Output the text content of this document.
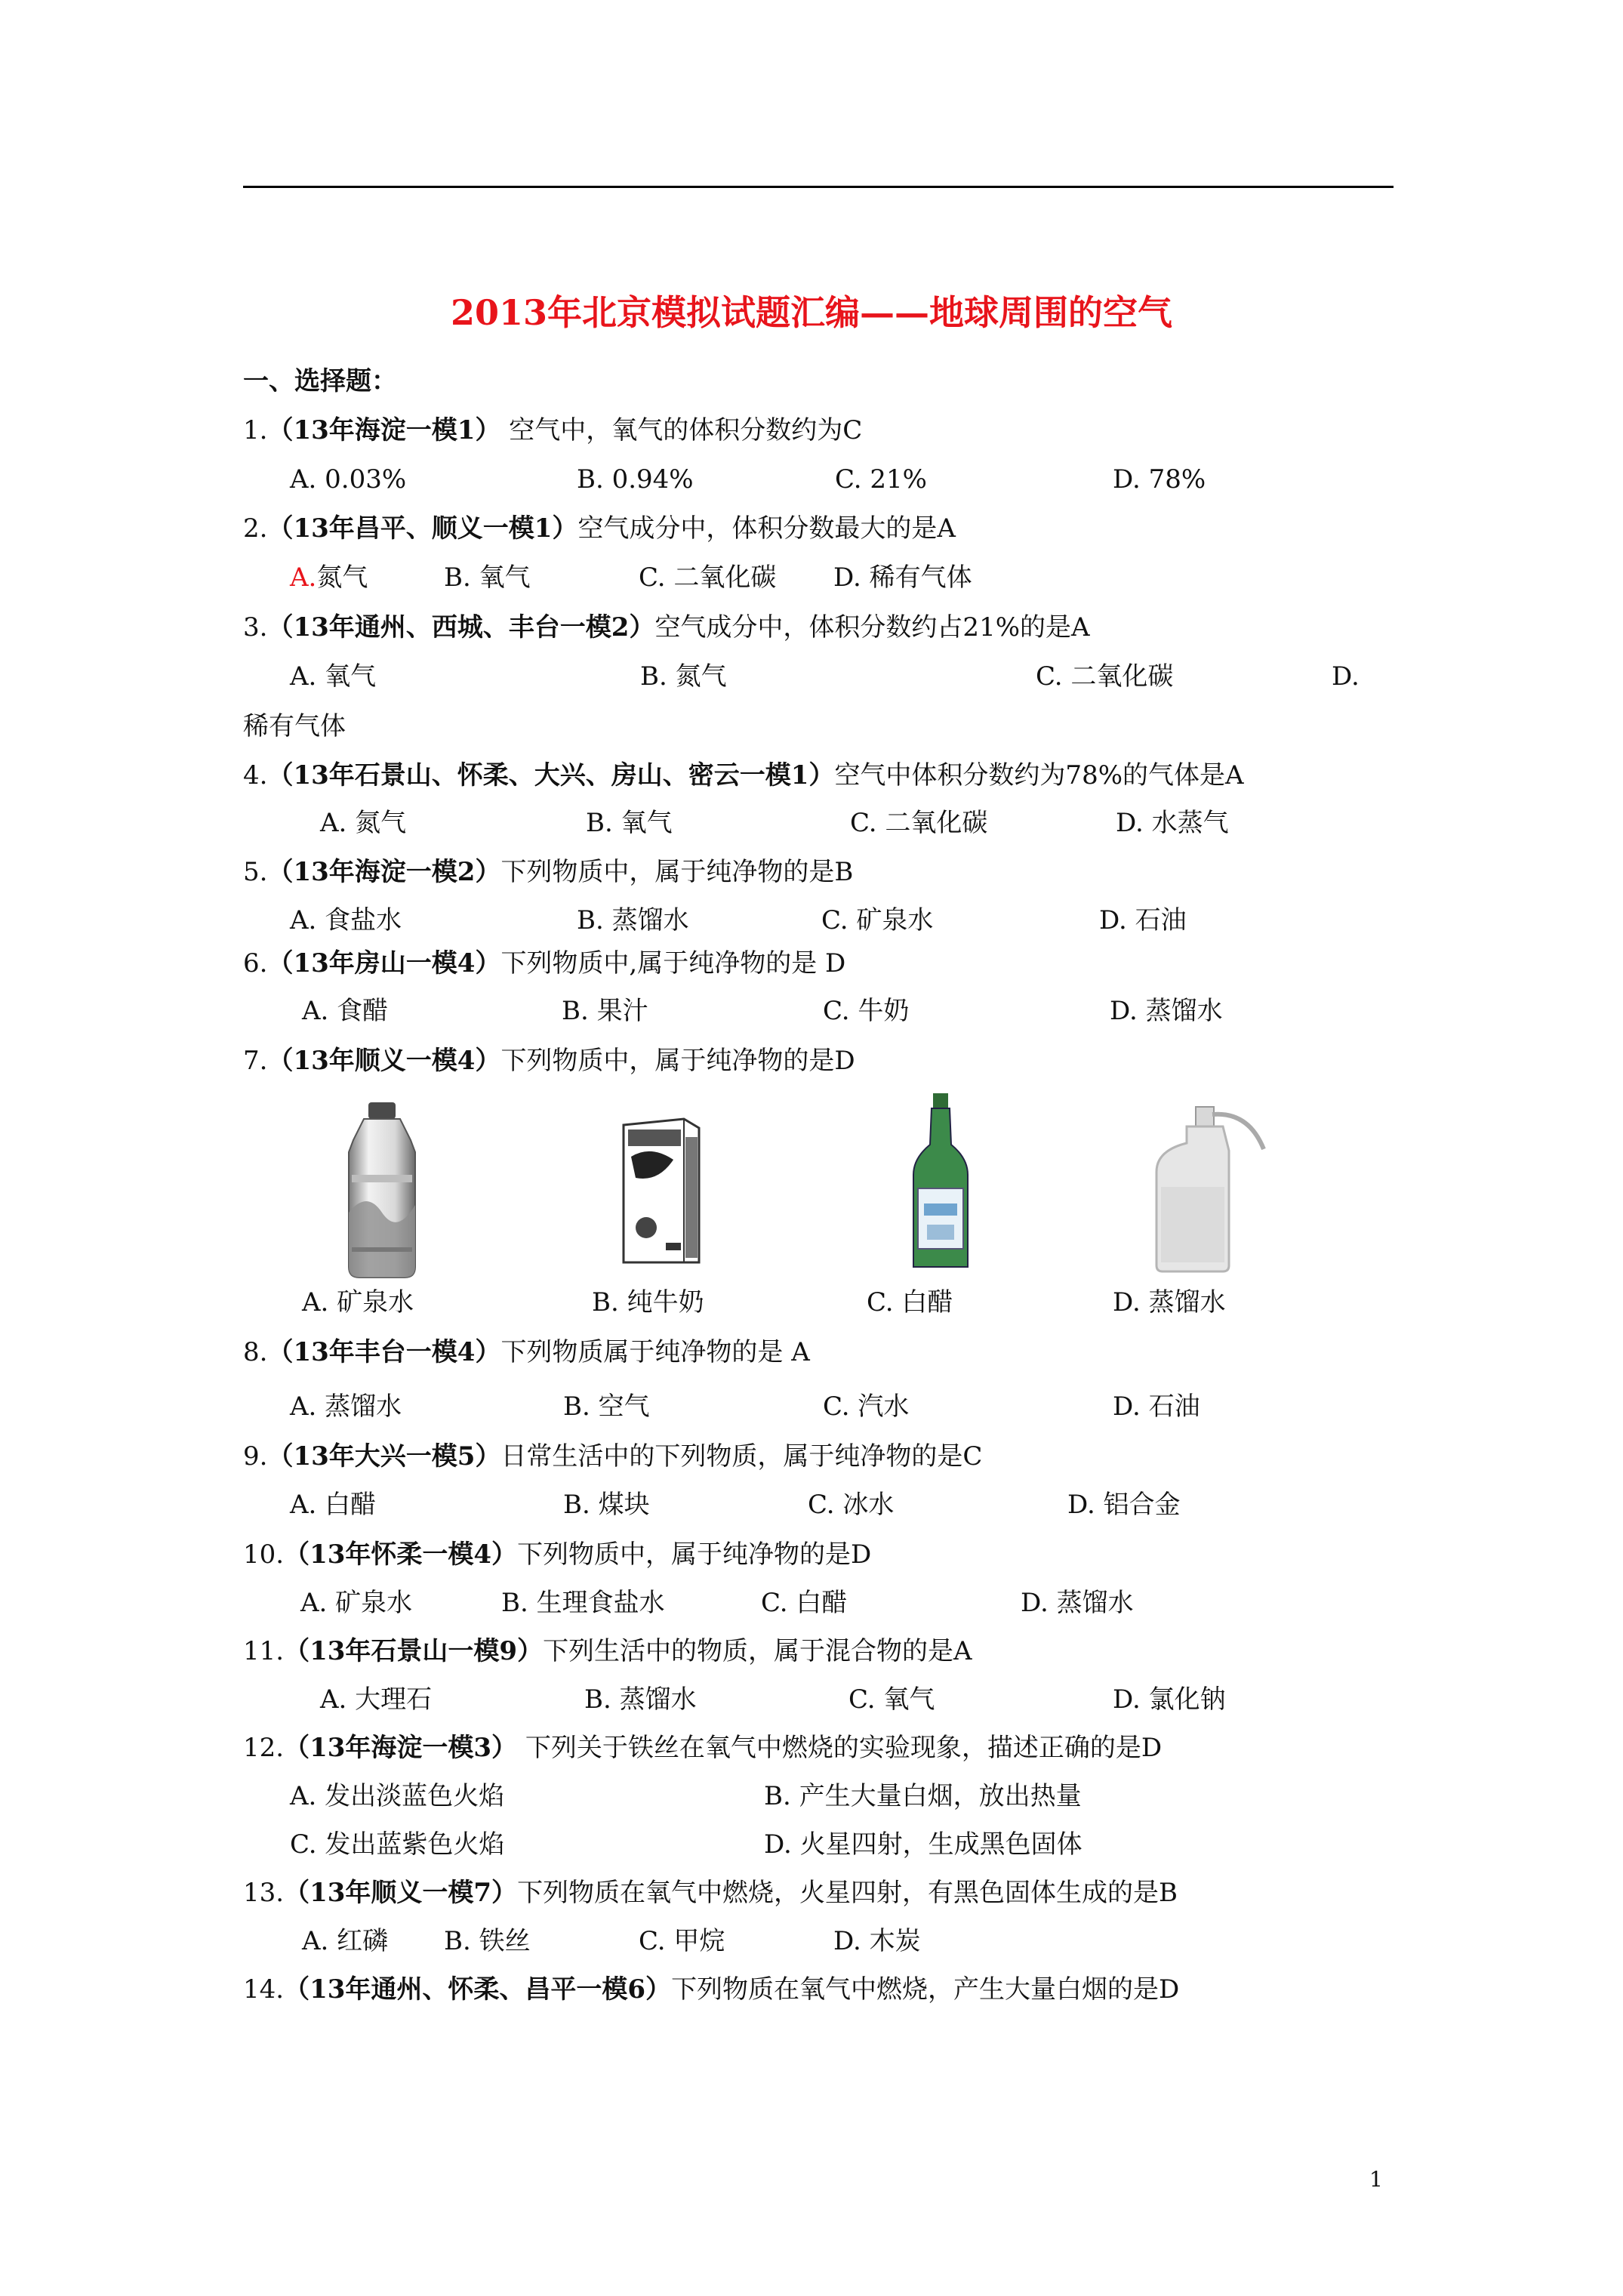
2013年北京模拟试题汇编——地球周围的空气
一、选择题：
1.（13年海淀一模1） 空气中，氧气的体积分数约为C
A. 0.03%	B. 0.94%	C. 21%	D. 78%
2.（13年昌平、顺义一模1）空气成分中，体积分数最大的是A
A.氮气	B. 氧气	C. 二氧化碳 D. 稀有气体
3.（13年通州、西城、丰台一模2）空气成分中，体积分数约占21%的是A
A. 氧气	B. 氮气	C. 二氧化碳	D.
稀有气体
4.（13年石景山、怀柔、大兴、房山、密云一模1）空气中体积分数约为78%的气体是A
A. 氮气	B. 氧气	C. 二氧化碳	D. 水蒸气
5.（13年海淀一模2）下列物质中，属于纯净物的是B
A. 食盐水	B. 蒸馏水	C. 矿泉水	D. 石油
6.（13年房山一模4）下列物质中,属于纯净物的是 D
A. 食醋	B. 果汁	C. 牛奶	D. 蒸馏水
7.（13年顺义一模4）下列物质中，属于纯净物的是D
A. 矿泉水	B. 纯牛奶	C. 白醋	D. 蒸馏水
8.（13年丰台一模4）下列物质属于纯净物的是 A
A. 蒸馏水	B. 空气	C. 汽水	D. 石油
9.（13年大兴一模5）日常生活中的下列物质，属于纯净物的是C
A. 白醋	B. 煤块	C. 冰水	D. 铝合金
10.（13年怀柔一模4）下列物质中，属于纯净物的是D
A. 矿泉水	B. 生理食盐水	C. 白醋	D. 蒸馏水
11.（13年石景山一模9）下列生活中的物质，属于混合物的是A
A. 大理石	B. 蒸馏水	C. 氧气	D. 氯化钠
12.（13年海淀一模3） 下列关于铁丝在氧气中燃烧的实验现象，描述正确的是D
A. 发出淡蓝色火焰	B. 产生大量白烟，放出热量
C. 发出蓝紫色火焰	D. 火星四射，生成黑色固体
13.（13年顺义一模7）下列物质在氧气中燃烧，火星四射，有黑色固体生成的是B
A. 红磷 B. 铁丝	C. 甲烷	D. 木炭
14.（13年通州、怀柔、昌平一模6）下列物质在氧气中燃烧，产生大量白烟的是D
1
